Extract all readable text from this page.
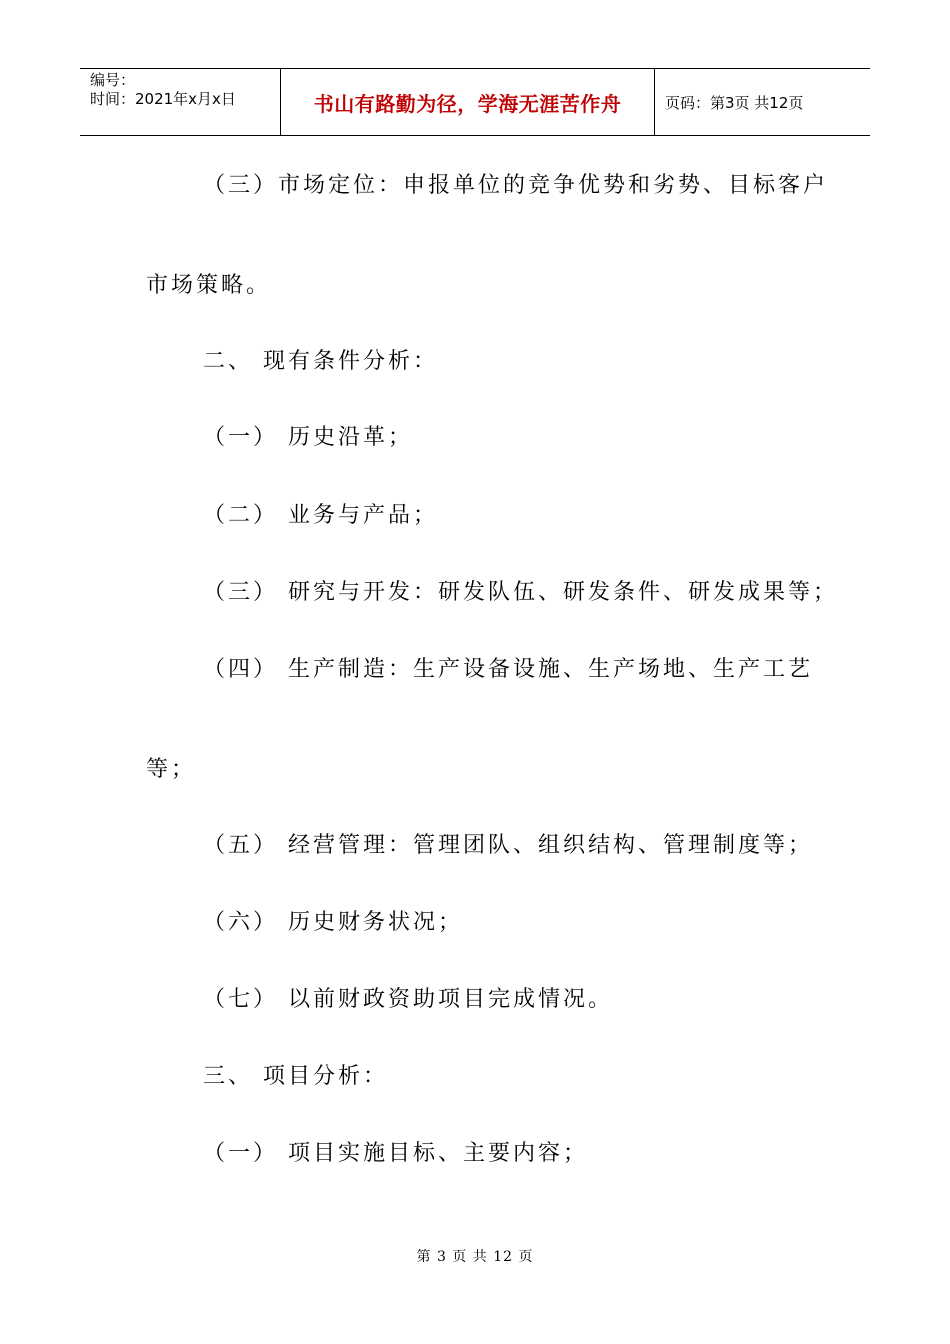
编号：
时间：2021年x月x日	书山有路勤为径，学海无涯苦作舟	页码：第3页 共12页
（三）市场定位：申报单位的竞争优势和劣势、目标客户
市场策略。
二、 现有条件分析：
（一） 历史沿革；
（二） 业务与产品；
（三） 研究与开发：研发队伍、研发条件、研发成果等；
（四） 生产制造：生产设备设施、生产场地、生产工艺
等；
（五） 经营管理：管理团队、组织结构、管理制度等；
（六） 历史财务状况；
（七） 以前财政资助项目完成情况。
三、 项目分析：
（一） 项目实施目标、主要内容；
第 3 页 共 12 页
